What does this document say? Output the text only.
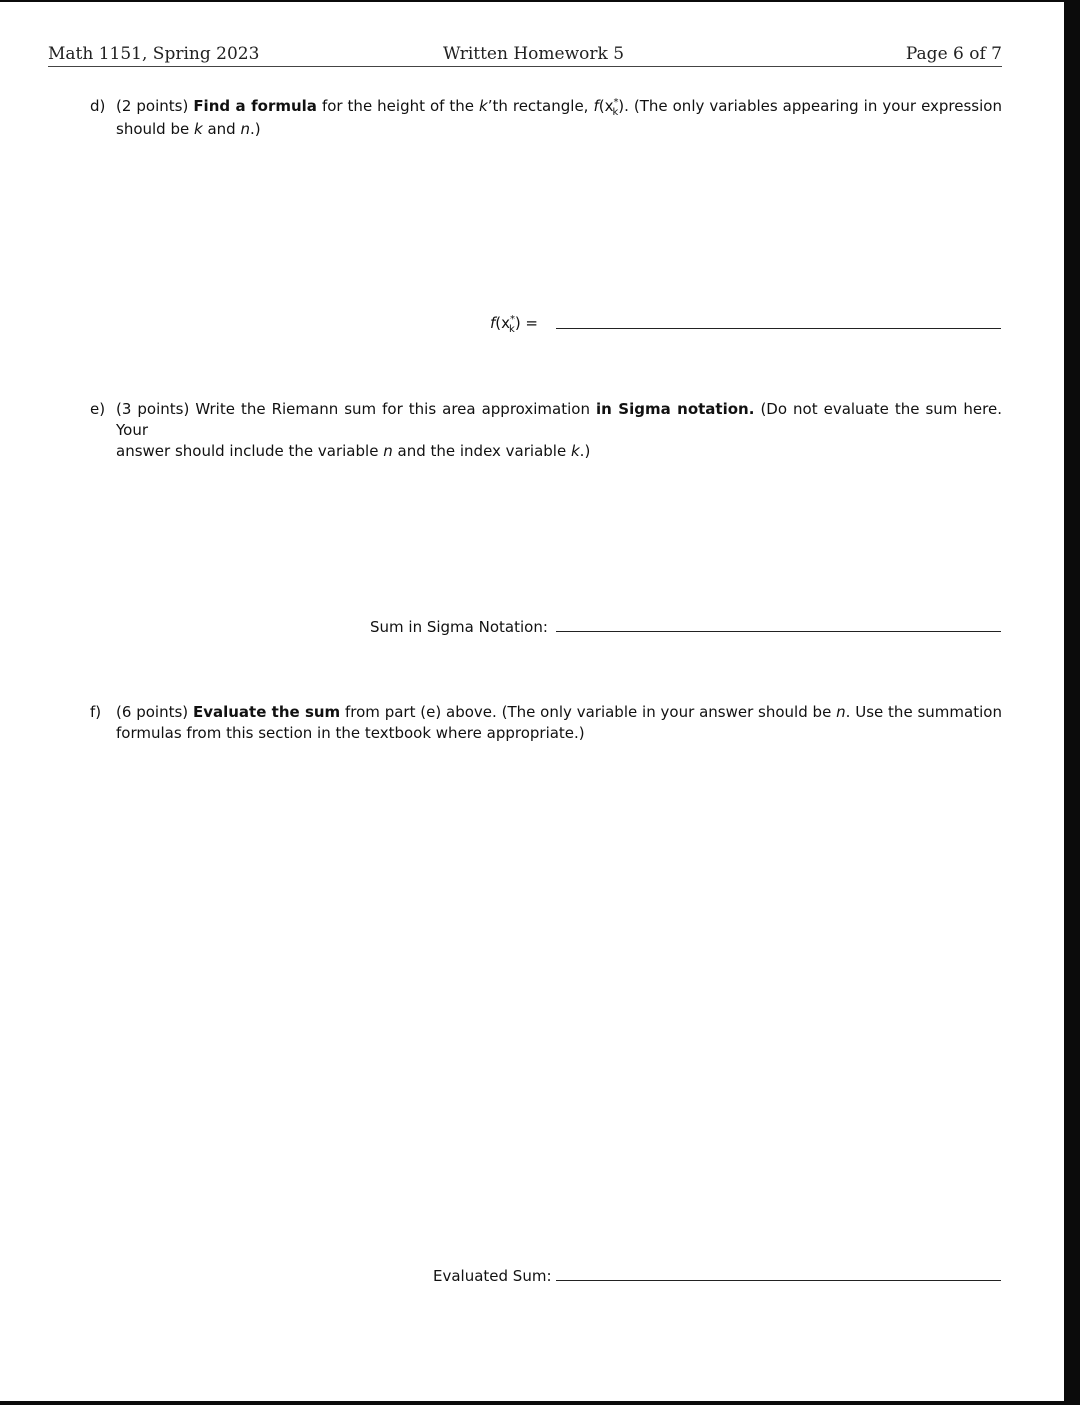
Math 1151, Spring 2023	Written Homework 5	Page 6 of 7
d) (2 points) Find a formula for the height of the k’th rectangle, $f(x^*_k)$. (The only variables appearing in your expression
should be k and n.)
$f(x^*_k)$ =
e) (3 points) Write the Riemann sum for this area approximation in Sigma notation. (Do not evaluate the sum here. Your
answer should include the variable n and the index variable k.)
Sum in Sigma Notation:
f) (6 points) Evaluate the sum from part (e) above. (The only variable in your answer should be n. Use the summation
formulas from this section in the textbook where appropriate.)
Evaluated Sum:
